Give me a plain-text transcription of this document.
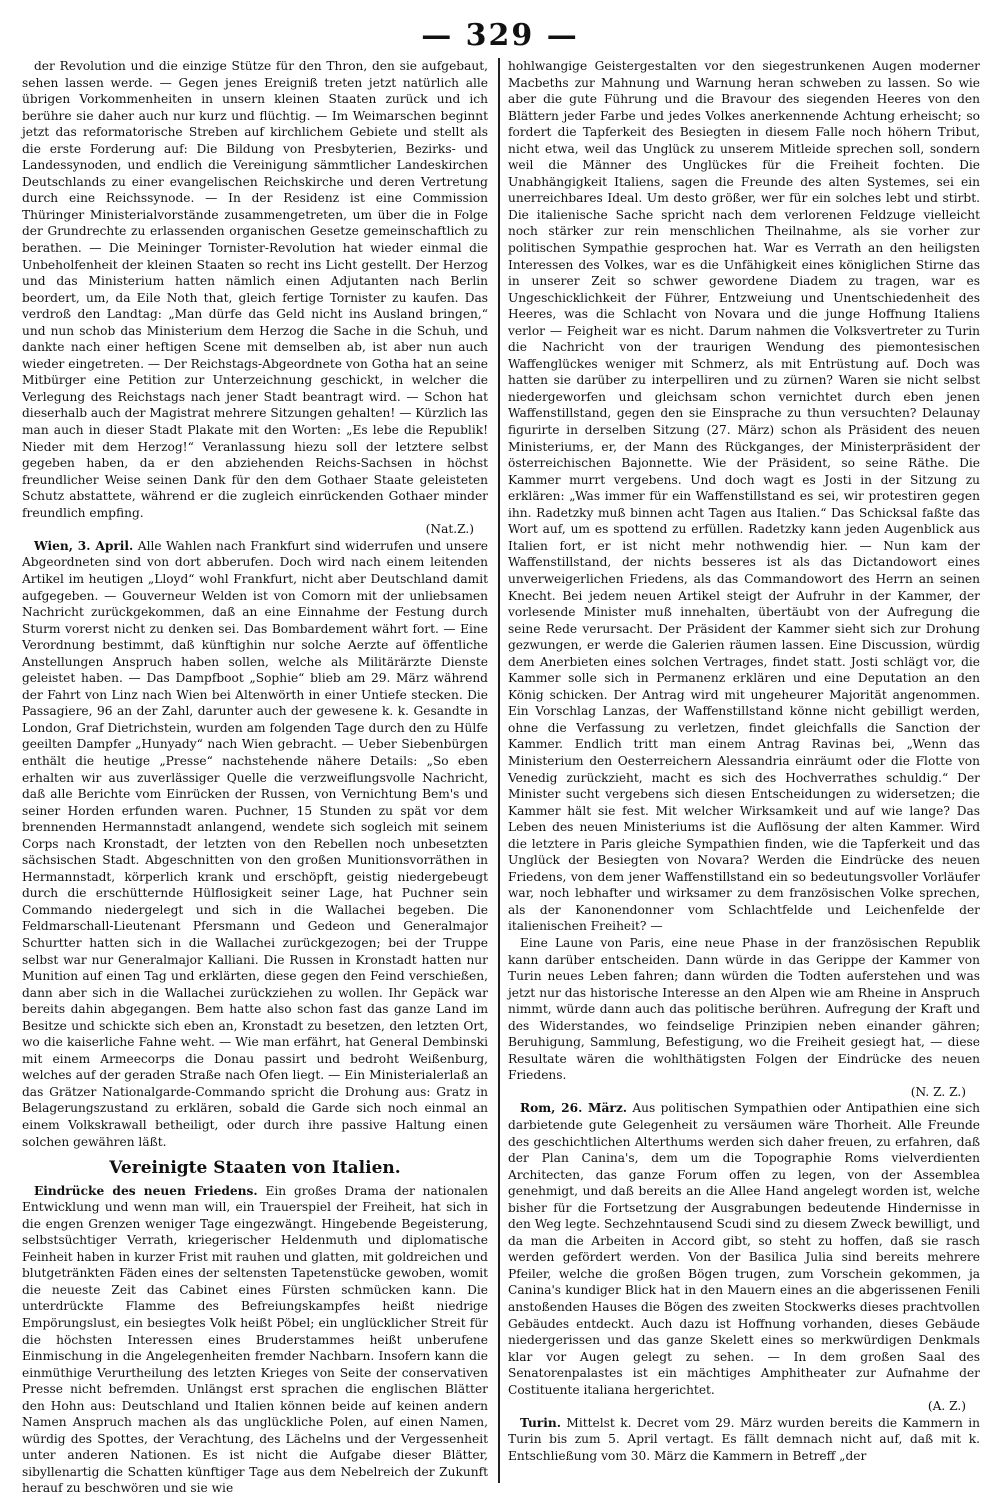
— 329 —

der Revolution und die einzige Stütze für den Thron, den sie aufgebaut, sehen lassen werde. — Gegen jenes Ereigniß treten jetzt natürlich alle übrigen Vorkommenheiten in unsern kleinen Staaten zurück und ich berühre sie daher auch nur kurz und flüchtig. — Im Weimarschen beginnt jetzt das reformatorische Streben auf kirchlichem Gebiete und stellt als die erste Forderung auf: Die Bildung von Presbyterien, Bezirks- und Landessynoden, und endlich die Vereinigung sämmtlicher Landeskirchen Deutschlands zu einer evangelischen Reichskirche und deren Vertretung durch eine Reichssynode. — In der Residenz ist eine Commission Thüringer Ministerialvorstände zusammengetreten, um über die in Folge der Grundrechte zu erlassenden organischen Gesetze gemeinschaftlich zu berathen. — Die Meininger Tornister-Revolution hat wieder einmal die Unbeholfenheit der kleinen Staaten so recht ins Licht gestellt. Der Herzog und das Ministerium hatten nämlich einen Adjutanten nach Berlin beordert, um, da Eile Noth that, gleich fertige Tornister zu kaufen. Das verdroß den Landtag: „Man dürfe das Geld nicht ins Ausland bringen,“ und nun schob das Ministerium dem Herzog die Sache in die Schuh, und dankte nach einer heftigen Scene mit demselben ab, ist aber nun auch wieder eingetreten. — Der Reichstags-Abgeordnete von Gotha hat an seine Mitbürger eine Petition zur Unterzeichnung geschickt, in welcher die Verlegung des Reichstags nach jener Stadt beantragt wird. — Schon hat dieserhalb auch der Magistrat mehrere Sitzungen gehalten! — Kürzlich las man auch in dieser Stadt Plakate mit den Worten: „Es lebe die Republik! Nieder mit dem Herzog!“ Veranlassung hiezu soll der letztere selbst gegeben haben, da er den abziehenden Reichs-Sachsen in höchst freundlicher Weise seinen Dank für den dem Gothaer Staate geleisteten Schutz abstattete, während er die zugleich einrückenden Gothaer minder freundlich empfing.
(Nat.Z.)

Wien, 3. April. Alle Wahlen nach Frankfurt sind widerrufen und unsere Abgeordneten sind von dort abberufen. Doch wird nach einem leitenden Artikel im heutigen „Lloyd“ wohl Frankfurt, nicht aber Deutschland damit aufgegeben. — Gouverneur Welden ist von Comorn mit der unliebsamen Nachricht zurückgekommen, daß an eine Einnahme der Festung durch Sturm vorerst nicht zu denken sei. Das Bombardement währt fort. — Eine Verordnung bestimmt, daß künftighin nur solche Aerzte auf öffentliche Anstellungen Anspruch haben sollen, welche als Militärärzte Dienste geleistet haben. — Das Dampfboot „Sophie“ blieb am 29. März während der Fahrt von Linz nach Wien bei Altenwörth in einer Untiefe stecken. Die Passagiere, 96 an der Zahl, darunter auch der gewesene k. k. Gesandte in London, Graf Dietrichstein, wurden am folgenden Tage durch den zu Hülfe geeilten Dampfer „Hunyady“ nach Wien gebracht. — Ueber Siebenbürgen enthält die heutige „Presse“ nachstehende nähere Details: „So eben erhalten wir aus zuverlässiger Quelle die verzweiflungsvolle Nachricht, daß alle Berichte vom Einrücken der Russen, von Vernichtung Bem's und seiner Horden erfunden waren. Puchner, 15 Stunden zu spät vor dem brennenden Hermannstadt anlangend, wendete sich sogleich mit seinem Corps nach Kronstadt, der letzten von den Rebellen noch unbesetzten sächsischen Stadt. Abgeschnitten von den großen Munitionsvorräthen in Hermannstadt, körperlich krank und erschöpft, geistig niedergebeugt durch die erschütternde Hülflosigkeit seiner Lage, hat Puchner sein Commando niedergelegt und sich in die Wallachei begeben. Die Feldmarschall-Lieutenant Pfersmann und Gedeon und Generalmajor Schurtter hatten sich in die Wallachei zurückgezogen; bei der Truppe selbst war nur Generalmajor Kalliani. Die Russen in Kronstadt hatten nur Munition auf einen Tag und erklärten, diese gegen den Feind verschießen, dann aber sich in die Wallachei zurückziehen zu wollen. Ihr Gepäck war bereits dahin abgegangen. Bem hatte also schon fast das ganze Land im Besitze und schickte sich eben an, Kronstadt zu besetzen, den letzten Ort, wo die kaiserliche Fahne weht. — Wie man erfährt, hat General Dembinski mit einem Armeecorps die Donau passirt und bedroht Weißenburg, welches auf der geraden Straße nach Ofen liegt. — Ein Ministerialerlaß an das Grätzer Nationalgarde-Commando spricht die Drohung aus: Gratz in Belagerungszustand zu erklären, sobald die Garde sich noch einmal an einem Volkskrawall betheiligt, oder durch ihre passive Haltung einen solchen gewähren läßt.

Vereinigte Staaten von Italien.

Eindrücke des neuen Friedens. Ein großes Drama der nationalen Entwicklung und wenn man will, ein Trauerspiel der Freiheit, hat sich in die engen Grenzen weniger Tage eingezwängt. Hingebende Begeisterung, selbstsüchtiger Verrath, kriegerischer Heldenmuth und diplomatische Feinheit haben in kurzer Frist mit rauhen und glatten, mit goldreichen und blutgetränkten Fäden eines der seltensten Tapetenstücke gewoben, womit die neueste Zeit das Cabinet eines Fürsten schmücken kann. Die unterdrückte Flamme des Befreiungskampfes heißt niedrige Empörungslust, ein besiegtes Volk heißt Pöbel; ein unglücklicher Streit für die höchsten Interessen eines Bruderstammes heißt unberufene Einmischung in die Angelegenheiten fremder Nachbarn. Insofern kann die einmüthige Verurtheilung des letzten Krieges von Seite der conservativen Presse nicht befremden. Unlängst erst sprachen die englischen Blätter den Hohn aus: Deutschland und Italien können beide auf keinen andern Namen Anspruch machen als das unglückliche Polen, auf einen Namen, würdig des Spottes, der Verachtung, des Lächelns und der Vergessenheit unter anderen Nationen. Es ist nicht die Aufgabe dieser Blätter, sibyllenartig die Schatten künftiger Tage aus dem Nebelreich der Zukunft herauf zu beschwören und sie wie

hohlwangige Geistergestalten vor den siegestrunkenen Augen moderner Macbeths zur Mahnung und Warnung heran schweben zu lassen. So wie aber die gute Führung und die Bravour des siegenden Heeres von den Blättern jeder Farbe und jedes Volkes anerkennende Achtung erheischt; so fordert die Tapferkeit des Besiegten in diesem Falle noch höhern Tribut, nicht etwa, weil das Unglück zu unserem Mitleide sprechen soll, sondern weil die Männer des Unglückes für die Freiheit fochten. Die Unabhängigkeit Italiens, sagen die Freunde des alten Systemes, sei ein unerreichbares Ideal. Um desto größer, wer für ein solches lebt und stirbt. Die italienische Sache spricht nach dem verlorenen Feldzuge vielleicht noch stärker zur rein menschlichen Theilnahme, als sie vorher zur politischen Sympathie gesprochen hat. War es Verrath an den heiligsten Interessen des Volkes, war es die Unfähigkeit eines königlichen Stirne das in unserer Zeit so schwer gewordene Diadem zu tragen, war es Ungeschicklichkeit der Führer, Entzweiung und Unentschiedenheit des Heeres, was die Schlacht von Novara und die junge Hoffnung Italiens verlor — Feigheit war es nicht. Darum nahmen die Volksvertreter zu Turin die Nachricht von der traurigen Wendung des piemontesischen Waffenglückes weniger mit Schmerz, als mit Entrüstung auf. Doch was hatten sie darüber zu interpelliren und zu zürnen? Waren sie nicht selbst niedergeworfen und gleichsam schon vernichtet durch eben jenen Waffenstillstand, gegen den sie Einsprache zu thun versuchten? Delaunay figurirte in derselben Sitzung (27. März) schon als Präsident des neuen Ministeriums, er, der Mann des Rückganges, der Ministerpräsident der österreichischen Bajonnette. Wie der Präsident, so seine Räthe. Die Kammer murrt vergebens. Und doch wagt es Josti in der Sitzung zu erklären: „Was immer für ein Waffenstillstand es sei, wir protestiren gegen ihn. Radetzky muß binnen acht Tagen aus Italien.“ Das Schicksal faßte das Wort auf, um es spottend zu erfüllen. Radetzky kann jeden Augenblick aus Italien fort, er ist nicht mehr nothwendig hier. — Nun kam der Waffenstillstand, der nichts besseres ist als das Dictandowort eines unverweigerlichen Friedens, als das Commandowort des Herrn an seinen Knecht. Bei jedem neuen Artikel steigt der Aufruhr in der Kammer, der vorlesende Minister muß innehalten, übertäubt von der Aufregung die seine Rede verursacht. Der Präsident der Kammer sieht sich zur Drohung gezwungen, er werde die Galerien räumen lassen. Eine Discussion, würdig dem Anerbieten eines solchen Vertrages, findet statt. Josti schlägt vor, die Kammer solle sich in Permanenz erklären und eine Deputation an den König schicken. Der Antrag wird mit ungeheurer Majorität angenommen. Ein Vorschlag Lanzas, der Waffenstillstand könne nicht gebilligt werden, ohne die Verfassung zu verletzen, findet gleichfalls die Sanction der Kammer. Endlich tritt man einem Antrag Ravinas bei, „Wenn das Ministerium den Oesterreichern Alessandria einräumt oder die Flotte von Venedig zurückzieht, macht es sich des Hochverrathes schuldig.“ Der Minister sucht vergebens sich diesen Entscheidungen zu widersetzen; die Kammer hält sie fest. Mit welcher Wirksamkeit und auf wie lange? Das Leben des neuen Ministeriums ist die Auflösung der alten Kammer. Wird die letztere in Paris gleiche Sympathien finden, wie die Tapferkeit und das Unglück der Besiegten von Novara? Werden die Eindrücke des neuen Friedens, von dem jener Waffenstillstand ein so bedeutungsvoller Vorläufer war, noch lebhafter und wirksamer zu dem französischen Volke sprechen, als der Kanonendonner vom Schlachtfelde und Leichenfelde der italienischen Freiheit? —

Eine Laune von Paris, eine neue Phase in der französischen Republik kann darüber entscheiden. Dann würde in das Gerippe der Kammer von Turin neues Leben fahren; dann würden die Todten auferstehen und was jetzt nur das historische Interesse an den Alpen wie am Rheine in Anspruch nimmt, würde dann auch das politische berühren. Aufregung der Kraft und des Widerstandes, wo feindselige Prinzipien neben einander gähren; Beruhigung, Sammlung, Befestigung, wo die Freiheit gesiegt hat, — diese Resultate wären die wohlthätigsten Folgen der Eindrücke des neuen Friedens.
(N. Z. Z.)

Rom, 26. März. Aus politischen Sympathien oder Antipathien eine sich darbietende gute Gelegenheit zu versäumen wäre Thorheit. Alle Freunde des geschichtlichen Alterthums werden sich daher freuen, zu erfahren, daß der Plan Canina's, dem um die Topographie Roms vielverdienten Architecten, das ganze Forum offen zu legen, von der Assemblea genehmigt, und daß bereits an die Allee Hand angelegt worden ist, welche bisher für die Fortsetzung der Ausgrabungen bedeutende Hindernisse in den Weg legte. Sechzehntausend Scudi sind zu diesem Zweck bewilligt, und da man die Arbeiten in Accord gibt, so steht zu hoffen, daß sie rasch werden gefördert werden. Von der Basilica Julia sind bereits mehrere Pfeiler, welche die großen Bögen trugen, zum Vorschein gekommen, ja Canina's kundiger Blick hat in den Mauern eines an die abgerissenen Fenili anstoßenden Hauses die Bögen des zweiten Stockwerks dieses prachtvollen Gebäudes entdeckt. Auch dazu ist Hoffnung vorhanden, dieses Gebäude niedergerissen und das ganze Skelett eines so merkwürdigen Denkmals klar vor Augen gelegt zu sehen. — In dem großen Saal des Senatorenpalastes ist ein mächtiges Amphitheater zur Aufnahme der Costituente italiana hergerichtet.
(A. Z.)

Turin. Mittelst k. Decret vom 29. März wurden bereits die Kammern in Turin bis zum 5. April vertagt. Es fällt demnach nicht auf, daß mit k. Entschließung vom 30. März die Kammern in Betreff „der
